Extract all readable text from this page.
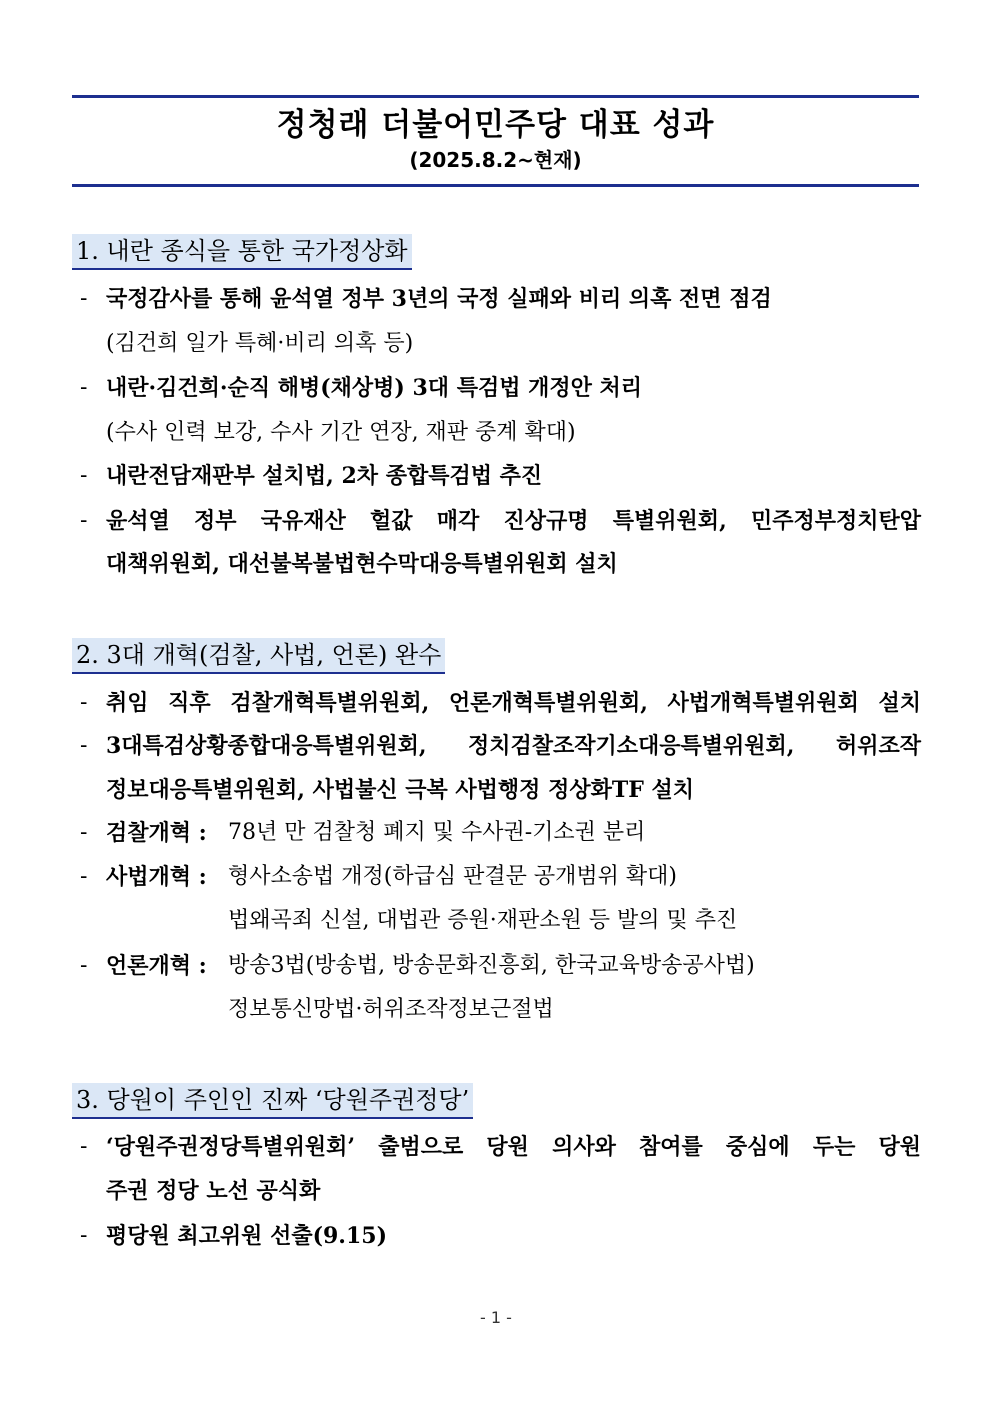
정청래 더불어민주당 대표 성과
(2025.8.2~현재)
1. 내란 종식을 통한 국가정상화
- 국정감사를 통해 윤석열 정부 3년의 국정 실패와 비리 의혹 전면 점검
(김건희 일가 특혜·비리 의혹 등)
- 내란·김건희·순직 해병(채상병) 3대 특검법 개정안 처리
(수사 인력 보강, 수사 기간 연장, 재판 중계 확대)
- 내란전담재판부 설치법, 2차 종합특검법 추진
- 윤석열 정부 국유재산 헐값 매각 진상규명 특별위원회, 민주정부정치탄압
대책위원회, 대선불복불법현수막대응특별위원회 설치
2. 3대 개혁(검찰, 사법, 언론) 완수
- 취임 직후 검찰개혁특별위원회, 언론개혁특별위원회, 사법개혁특별위원회 설치
- 3대특검상황종합대응특별위원회, 정치검찰조작기소대응특별위원회, 허위조작
정보대응특별위원회, 사법불신 극복 사법행정 정상화TF 설치
- 검찰개혁 : 78년 만 검찰청 폐지 및 수사권-기소권 분리
- 사법개혁 : 형사소송법 개정(하급심 판결문 공개범위 확대)
법왜곡죄 신설, 대법관 증원·재판소원 등 발의 및 추진
- 언론개혁 : 방송3법(방송법, 방송문화진흥회, 한국교육방송공사법)
정보통신망법·허위조작정보근절법
3. 당원이 주인인 진짜 ‘당원주권정당’
- ‘당원주권정당특별위원회’ 출범으로 당원 의사와 참여를 중심에 두는 당원
주권 정당 노선 공식화
- 평당원 최고위원 선출(9.15)
- 1 -
